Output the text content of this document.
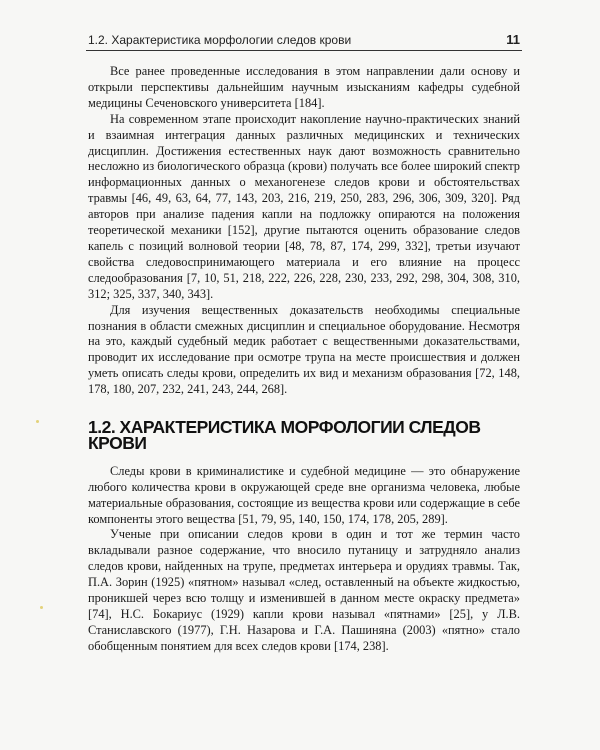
1.2. Характеристика морфологии следов крови	11

Все ранее проведенные исследования в этом направлении дали основу и открыли перспективы дальнейшим научным изысканиям кафедры судебной медицины Сеченовского университета [184].

На современном этапе происходит накопление научно-практических знаний и взаимная интеграция данных различных медицинских и технических дисциплин. Достижения естественных наук дают возможность сравнительно несложно из биологического образца (крови) получать все более широкий спектр информационных данных о механогенезе следов крови и обстоятельствах травмы [46, 49, 63, 64, 77, 143, 203, 216, 219, 250, 283, 296, 306, 309, 320]. Ряд авторов при анализе падения капли на подложку опираются на положения теоретической механики [152], другие пытаются оценить образование следов капель с позиций волновой теории [48, 78, 87, 174, 299, 332], третьи изучают свойства следовоспринимающего материала и его влияние на процесс следообразования [7, 10, 51, 218, 222, 226, 228, 230, 233, 292, 298, 304, 308, 310, 312; 325, 337, 340, 343].

Для изучения вещественных доказательств необходимы специальные познания в области смежных дисциплин и специальное оборудование. Несмотря на это, каждый судебный медик работает с вещественными доказательствами, проводит их исследование при осмотре трупа на месте происшествия и должен уметь описать следы крови, определить их вид и механизм образования [72, 148, 178, 180, 207, 232, 241, 243, 244, 268].

1.2. ХАРАКТЕРИСТИКА МОРФОЛОГИИ СЛЕДОВ КРОВИ

Следы крови в криминалистике и судебной медицине — это обнаружение любого количества крови в окружающей среде вне организма человека, любые материальные образования, состоящие из вещества крови или содержащие в себе компоненты этого вещества [51, 79, 95, 140, 150, 174, 178, 205, 289].

Ученые при описании следов крови в один и тот же термин часто вкладывали разное содержание, что вносило путаницу и затрудняло анализ следов крови, найденных на трупе, предметах интерьера и орудиях травмы. Так, П.А. Зорин (1925) «пятном» называл «след, оставленный на объекте жидкостью, проникшей через всю толщу и изменившей в данном месте окраску предмета» [74], Н.С. Бокариус (1929) капли крови называл «пятнами» [25], у Л.В. Станиславского (1977), Г.Н. Назарова и Г.А. Пашиняна (2003) «пятно» стало обобщенным понятием для всех следов крови [174, 238].
